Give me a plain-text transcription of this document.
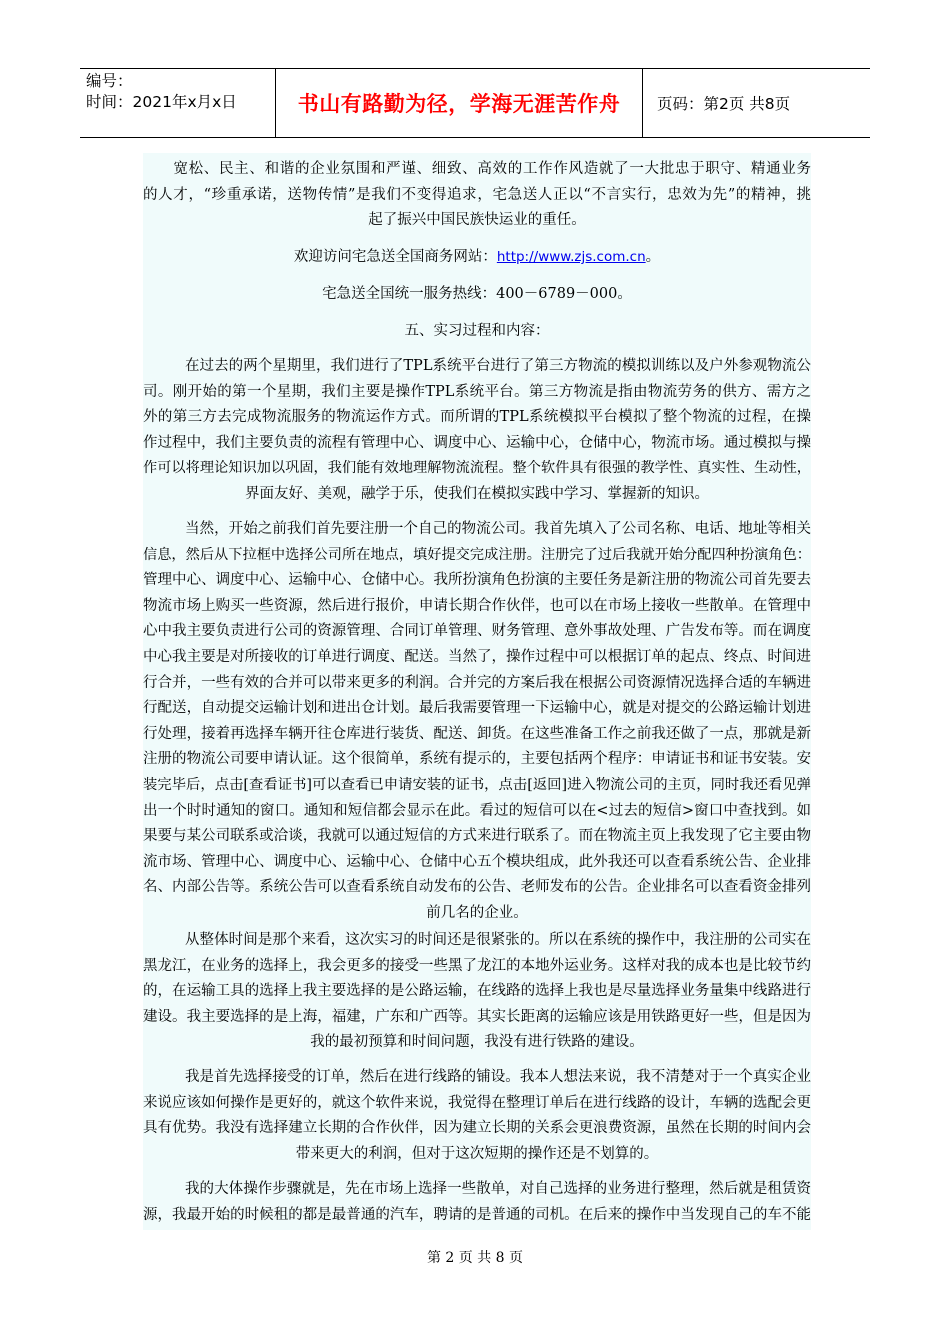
编号：
时间：2021年x月x日	书山有路勤为径，学海无涯苦作舟	页码：第2页 共8页
　　宽松、民主、和谐的企业氛围和严谨、细致、高效的工作作风造就了一大批忠于职守、精通业务
的人才，“珍重承诺，送物传情”是我们不变得追求，宅急送人正以“不言实行，忠效为先”的精神，挑
起了振兴中国民族快运业的重任。
欢迎访问宅急送全国商务网站：http://www.zjs.com.cn。
宅急送全国统一服务热线：400－6789－000。
五、实习过程和内容：
在过去的两个星期里，我们进行了TPL系统平台进行了第三方物流的模拟训练以及户外参观物流公
司。刚开始的第一个星期，我们主要是操作TPL系统平台。第三方物流是指由物流劳务的供方、需方之
外的第三方去完成物流服务的物流运作方式。而所谓的TPL系统模拟平台模拟了整个物流的过程，在操
作过程中，我们主要负责的流程有管理中心、调度中心、运输中心，仓储中心，物流市场。通过模拟与操
作可以将理论知识加以巩固，我们能有效地理解物流流程。整个软件具有很强的教学性、真实性、生动性，
界面友好、美观，融学于乐，使我们在模拟实践中学习、掌握新的知识。
当然，开始之前我们首先要注册一个自己的物流公司。我首先填入了公司名称、电话、地址等相关
信息，然后从下拉框中选择公司所在地点，填好提交完成注册。注册完了过后我就开始分配四种扮演角色：
管理中心、调度中心、运输中心、仓储中心。我所扮演角色扮演的主要任务是新注册的物流公司首先要去
物流市场上购买一些资源，然后进行报价，申请长期合作伙伴，也可以在市场上接收一些散单。在管理中
心中我主要负责进行公司的资源管理、合同订单管理、财务管理、意外事故处理、广告发布等。而在调度
中心我主要是对所接收的订单进行调度、配送。当然了，操作过程中可以根据订单的起点、终点、时间进
行合并，一些有效的合并可以带来更多的利润。合并完的方案后我在根据公司资源情况选择合适的车辆进
行配送，自动提交运输计划和进出仓计划。最后我需要管理一下运输中心，就是对提交的公路运输计划进
行处理，接着再选择车辆开往仓库进行装货、配送、卸货。在这些准备工作之前我还做了一点，那就是新
注册的物流公司要申请认证。这个很简单，系统有提示的，主要包括两个程序：申请证书和证书安装。安
装完毕后，点击[查看证书]可以查看已申请安装的证书，点击[返回]进入物流公司的主页，同时我还看见弹
出一个时时通知的窗口。通知和短信都会显示在此。看过的短信可以在<过去的短信>窗口中查找到。如
果要与某公司联系或洽谈，我就可以通过短信的方式来进行联系了。而在物流主页上我发现了它主要由物
流市场、管理中心、调度中心、运输中心、仓储中心五个模块组成，此外我还可以查看系统公告、企业排
名、内部公告等。系统公告可以查看系统自动发布的公告、老师发布的公告。企业排名可以查看资金排列
前几名的企业。
从整体时间是那个来看，这次实习的时间还是很紧张的。所以在系统的操作中，我注册的公司实在
黑龙江，在业务的选择上，我会更多的接受一些黑了龙江的本地外运业务。这样对我的成本也是比较节约
的，在运输工具的选择上我主要选择的是公路运输，在线路的选择上我也是尽量选择业务量集中线路进行
建设。我主要选择的是上海，福建，广东和广西等。其实长距离的运输应该是用铁路更好一些，但是因为
我的最初预算和时间问题，我没有进行铁路的建设。
我是首先选择接受的订单，然后在进行线路的铺设。我本人想法来说，我不清楚对于一个真实企业
来说应该如何操作是更好的，就这个软件来说，我觉得在整理订单后在进行线路的设计，车辆的选配会更
具有优势。我没有选择建立长期的合作伙伴，因为建立长期的关系会更浪费资源，虽然在长期的时间内会
带来更大的利润，但对于这次短期的操作还是不划算的。
我的大体操作步骤就是，先在市场上选择一些散单，对自己选择的业务进行整理，然后就是租赁资
源，我最开始的时候租的都是最普通的汽车，聘请的是普通的司机。在后来的操作中当发现自己的车不能
第 2 页 共 8 页
